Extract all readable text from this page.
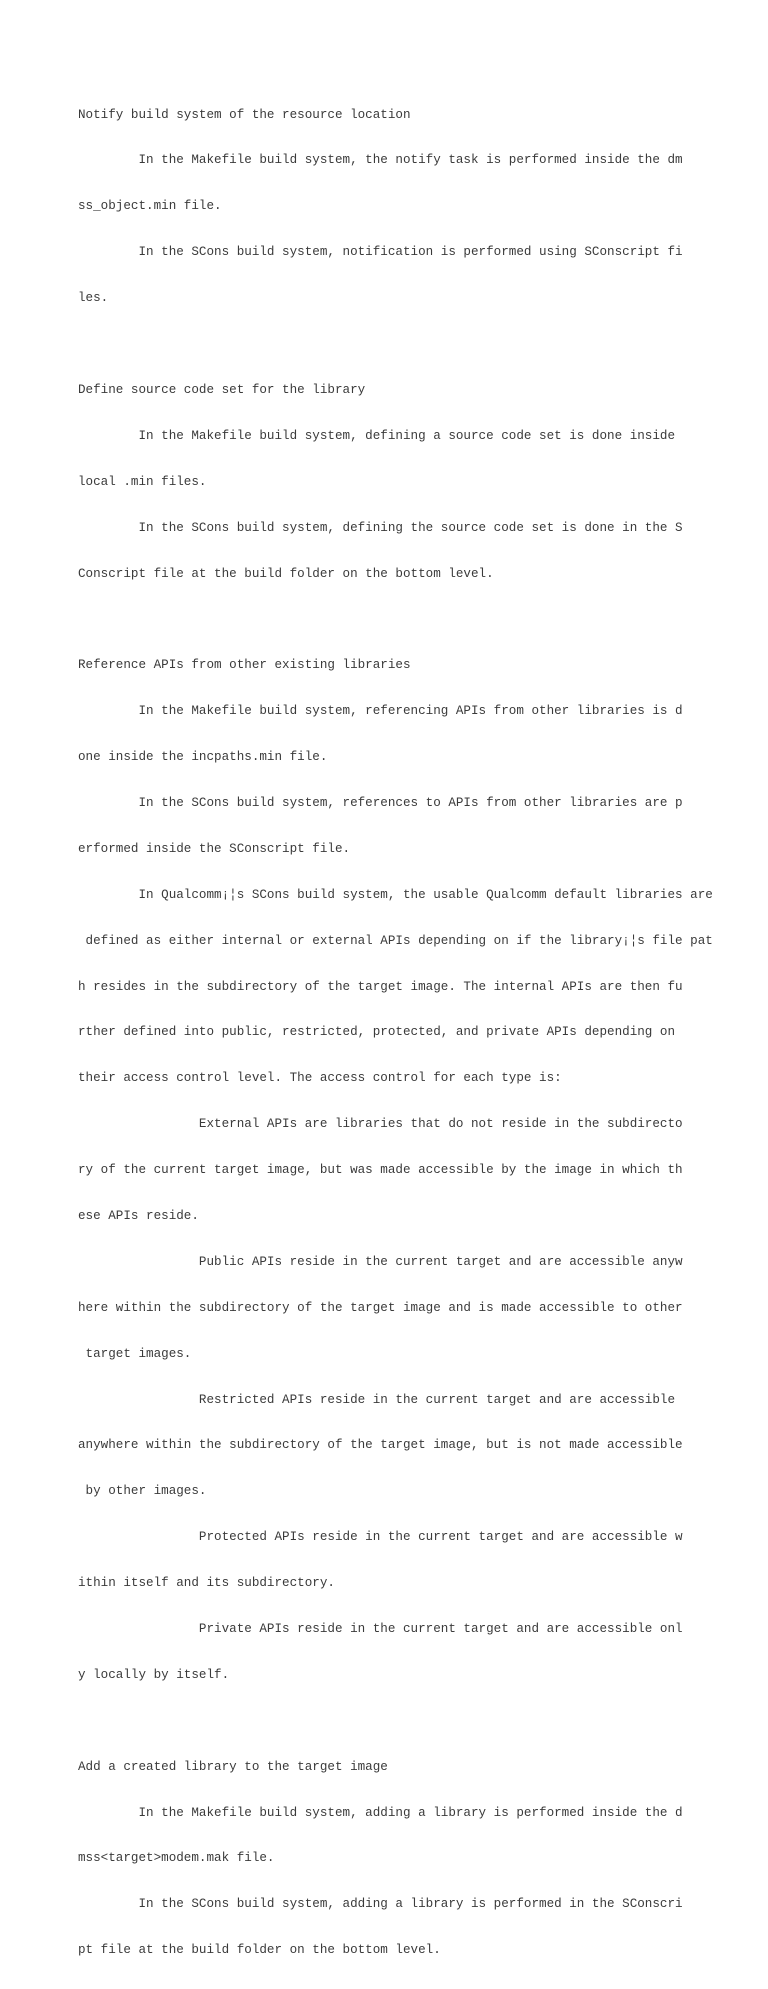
Notify build system of the resource location

In the Makefile build system, the notify task is performed inside the dm

ss_object.min file.

In the SCons build system, notification is performed using SConscript fi

les.

Define source code set for the library

In the Makefile build system, defining a source code set is done inside

local .min files.

In the SCons build system, defining the source code set is done in the S

Conscript file at the build folder on the bottom level.

Reference APIs from other existing libraries

In the Makefile build system, referencing APIs from other libraries is d

one inside the incpaths.min file.

In the SCons build system, references to APIs from other libraries are p

erformed inside the SConscript file.

In Qualcomm¡¦s SCons build system, the usable Qualcomm default libraries are

defined as either internal or external APIs depending on if the library¡¦s file pat

h resides in the subdirectory of the target image. The internal APIs are then fu

rther defined into public, restricted, protected, and private APIs depending on

their access control level. The access control for each type is:

External APIs are libraries that do not reside in the subdirecto

ry of the current target image, but was made accessible by the image in which th

ese APIs reside.

Public APIs reside in the current target and are accessible anyw

here within the subdirectory of the target image and is made accessible to other

target images.

Restricted APIs reside in the current target and are accessible

anywhere within the subdirectory of the target image, but is not made accessible

by other images.

Protected APIs reside in the current target and are accessible w

ithin itself and its subdirectory.

Private APIs reside in the current target and are accessible onl

y locally by itself.

Add a created library to the target image

In the Makefile build system, adding a library is performed inside the d

mss<target>modem.mak file.

In the SCons build system, adding a library is performed in the SConscri

pt file at the build folder on the bottom level.
